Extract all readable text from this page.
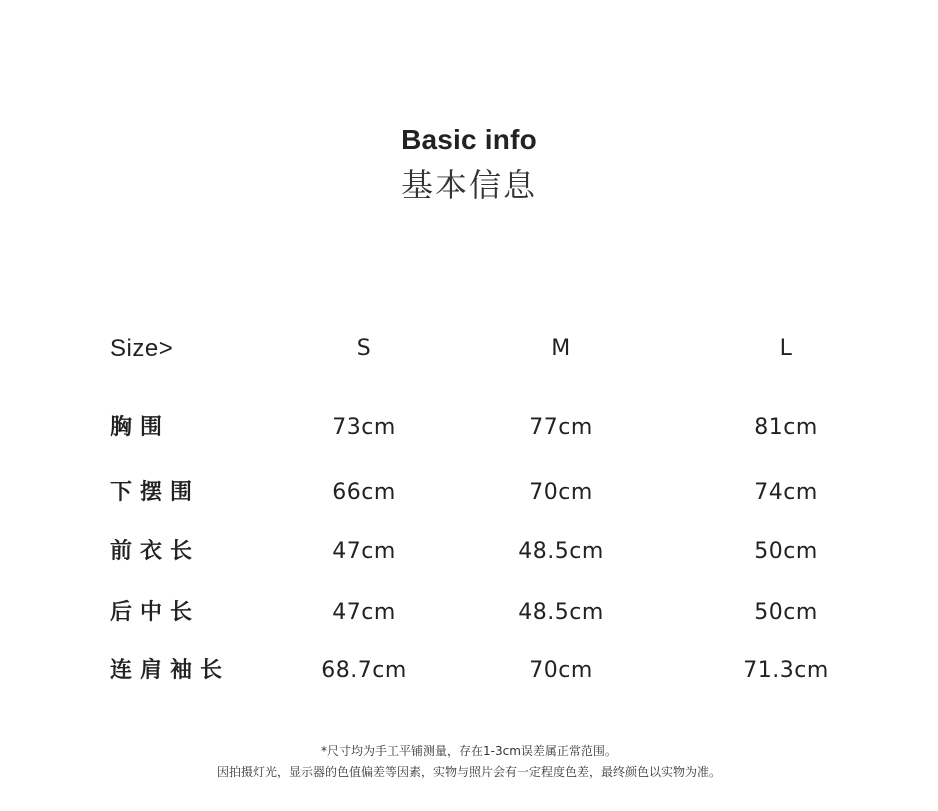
Basic info
基本信息
Size>	S	M	L
胸围	73cm	77cm	81cm
下摆围	66cm	70cm	74cm
前衣长	47cm	48.5cm	50cm
后中长	47cm	48.5cm	50cm
连肩袖长	68.7cm	70cm	71.3cm
*尺寸均为手工平铺测量，存在1-3cm误差属正常范围。
因拍摄灯光，显示器的色值偏差等因素，实物与照片会有一定程度色差，最终颜色以实物为准。
